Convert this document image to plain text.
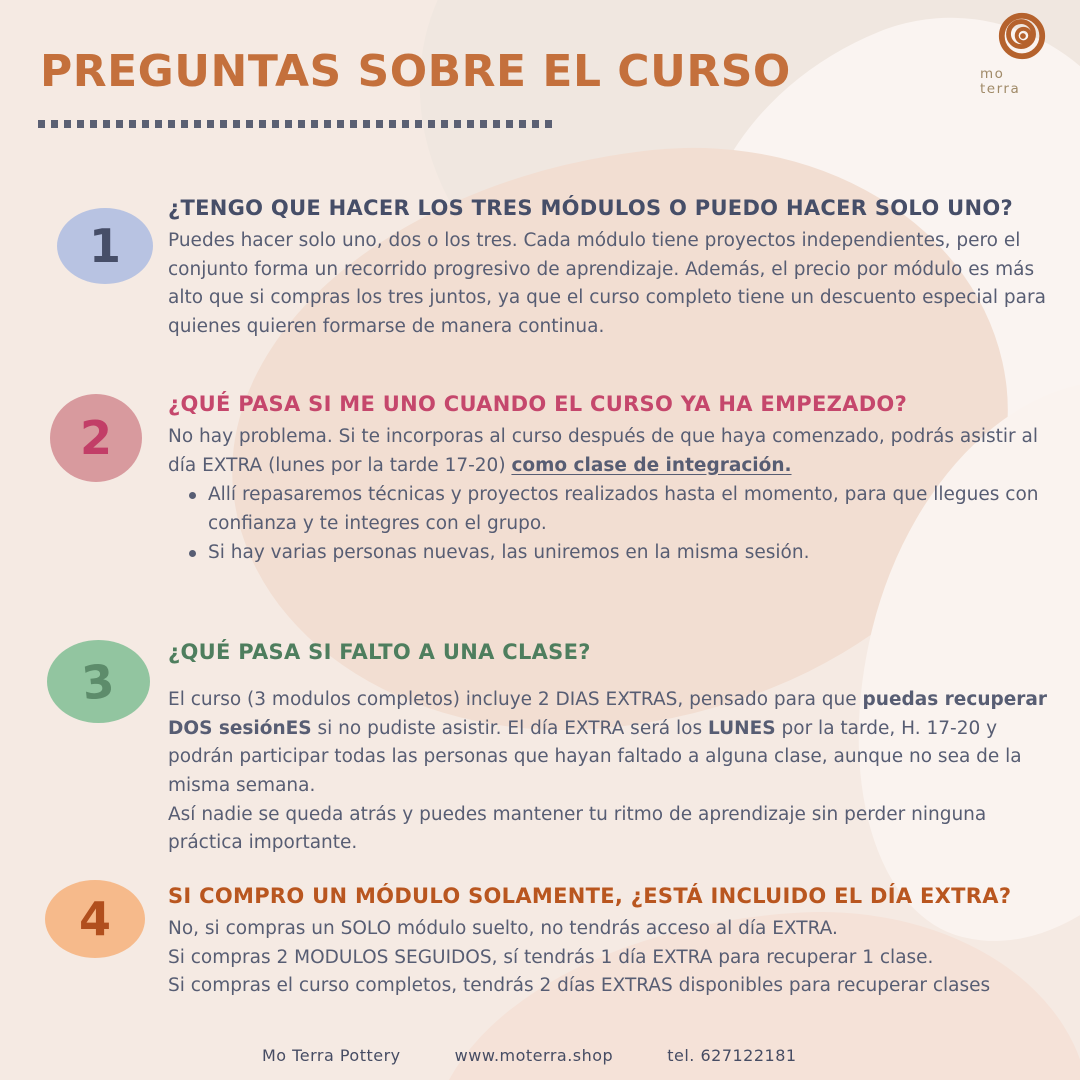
PREGUNTAS SOBRE EL CURSO	mo
terra
1
¿TENGO QUE HACER LOS TRES MÓDULOS O PUEDO HACER SOLO UNO?

Puedes hacer solo uno, dos o los tres. Cada módulo tiene proyectos independientes, pero el conjunto forma un recorrido progresivo de aprendizaje. Además, el precio por módulo es más alto que si compras los tres juntos, ya que el curso completo tiene un descuento especial para quienes quieren formarse de manera continua.

2
¿QUÉ PASA SI ME UNO CUANDO EL CURSO YA HA EMPEZADO?

No hay problema. Si te incorporas al curso después de que haya comenzado, podrás asistir al día EXTRA (lunes por la tarde 17-20) como clase de integración.

Allí repasaremos técnicas y proyectos realizados hasta el momento, para que llegues con confianza y te integres con el grupo.
Si hay varias personas nuevas, las uniremos en la misma sesión.
3
¿QUÉ PASA SI FALTO A UNA CLASE?

El curso (3 modulos completos) incluye 2 DIAS EXTRAS, pensado para que puedas recuperar DOS sesiónES si no pudiste asistir. El día EXTRA será los LUNES por la tarde, H. 17-20 y podrán participar todas las personas que hayan faltado a alguna clase, aunque no sea de la misma semana.

Así nadie se queda atrás y puedes mantener tu ritmo de aprendizaje sin perder ninguna práctica importante.

4	SI COMPRO UN MÓDULO SOLAMENTE, ¿ESTÁ INCLUIDO EL DÍA EXTRA?

No, si compras un SOLO módulo suelto, no tendrás acceso al día EXTRA.

Si compras 2 MODULOS SEGUIDOS, sí tendrás 1 día EXTRA para recuperar 1 clase.

Si compras el curso completos, tendrás 2 días EXTRAS disponibles para recuperar clases

Mo Terra Pottery	www.moterra.shop	tel. 627122181
